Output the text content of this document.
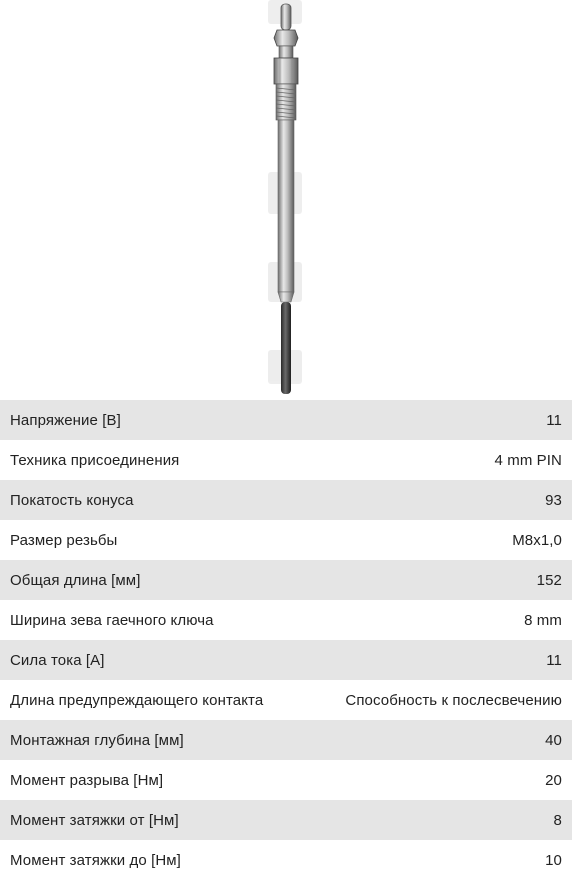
Напряжение [В]	11
Техника присоединения	4 mm PIN
Покатость конуса	93
Размер резьбы	M8x1,0
Общая длина [мм]	152
Ширина зева гаечного ключа	8 mm
Сила тока [А]	11
Длина предупреждающего контакта	Способность к послесвечению
Монтажная глубина [мм]	40
Момент разрыва [Нм]	20
Момент затяжки от [Нм]	8
Момент затяжки до [Нм]	10
